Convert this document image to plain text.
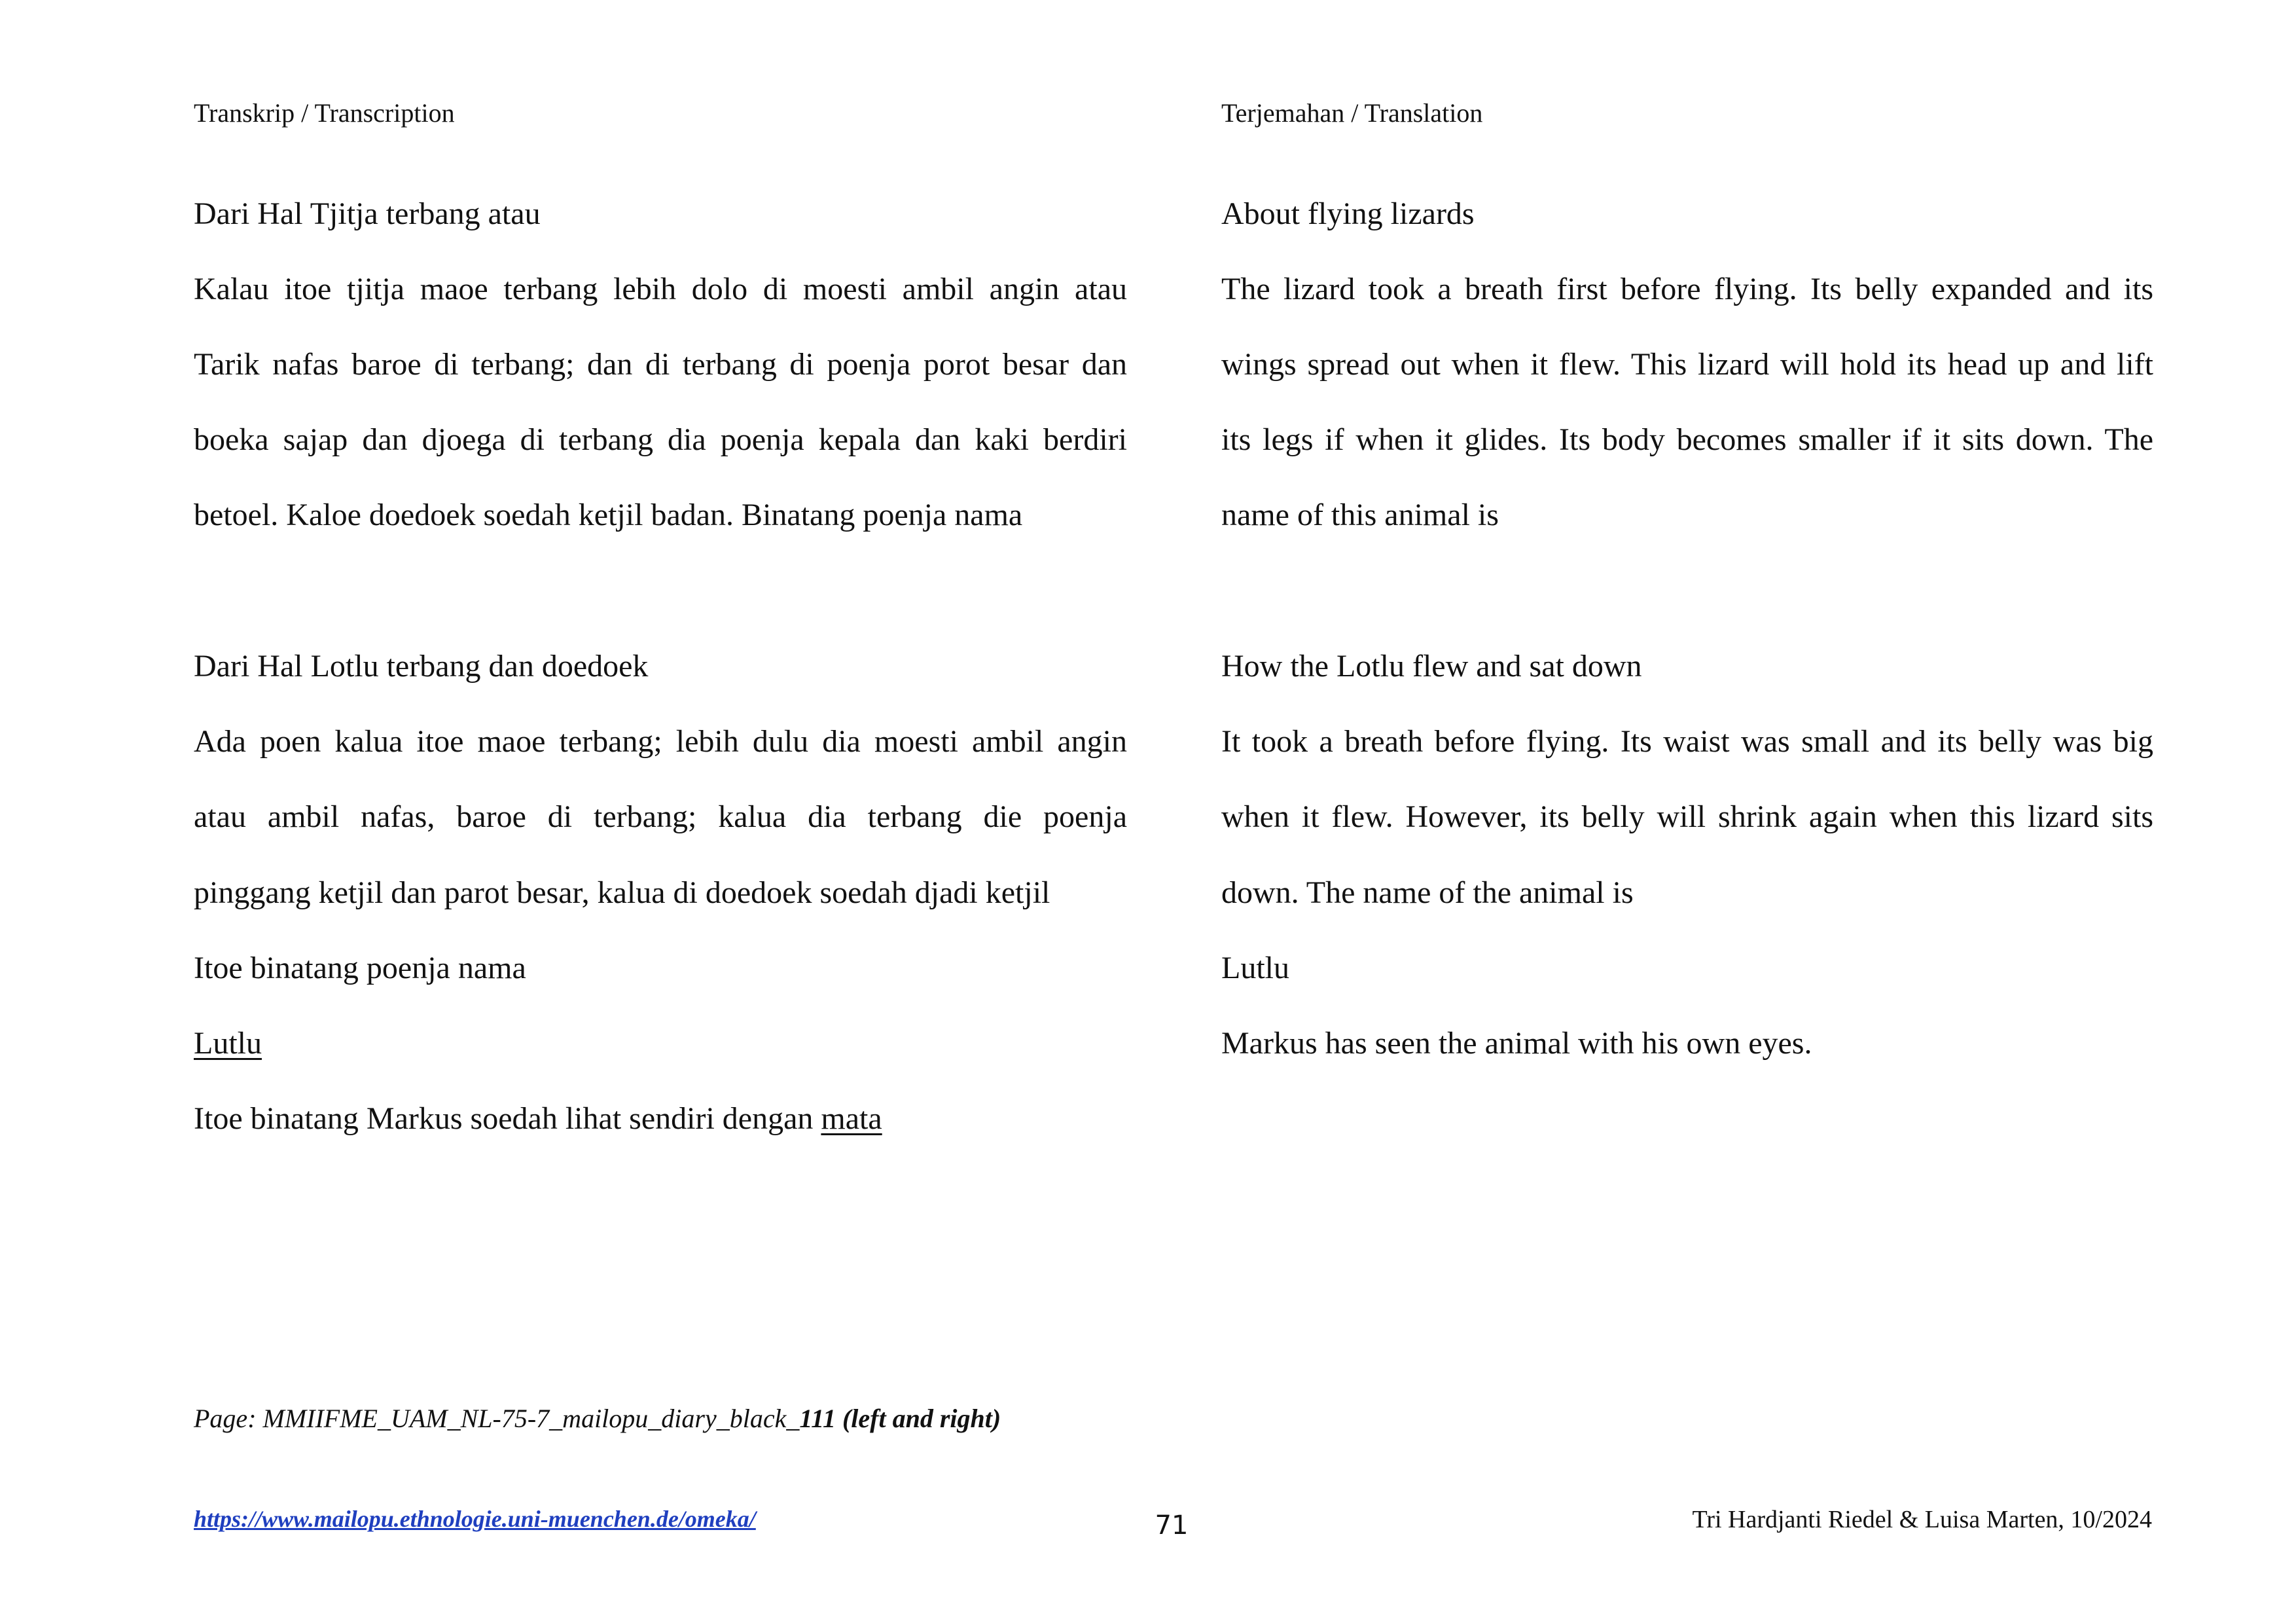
Transkrip / Transcription	Terjemahan / Translation
Dari Hal Tjitja terbang atau
Kalau itoe tjitja maoe terbang lebih dolo di moesti ambil angin atau
Tarik nafas baroe di terbang; dan di terbang di poenja porot besar dan
boeka sajap dan djoega di terbang dia poenja kepala dan kaki berdiri
betoel. Kaloe doedoek soedah ketjil badan. Binatang poenja nama
Dari Hal Lotlu terbang dan doedoek
Ada poen kalua itoe maoe terbang; lebih dulu dia moesti ambil angin
atau ambil nafas, baroe di terbang; kalua dia terbang die poenja
pinggang ketjil dan parot besar, kalua di doedoek soedah djadi ketjil
Itoe binatang poenja nama
Lutlu
Itoe binatang Markus soedah lihat sendiri dengan mata
About flying lizards
The lizard took a breath first before flying. Its belly expanded and its
wings spread out when it flew. This lizard will hold its head up and lift
its legs if when it glides. Its body becomes smaller if it sits down. The
name of this animal is
How the Lotlu flew and sat down
It took a breath before flying. Its waist was small and its belly was big
when it flew. However, its belly will shrink again when this lizard sits
down. The name of the animal is
Lutlu
Markus has seen the animal with his own eyes.
Page: MMIIFME_UAM_NL-75-7_mailopu_diary_black_111 (left and right)
https://www.mailopu.ethnologie.uni-muenchen.de/omeka/	71	Tri Hardjanti Riedel & Luisa Marten, 10/2024
